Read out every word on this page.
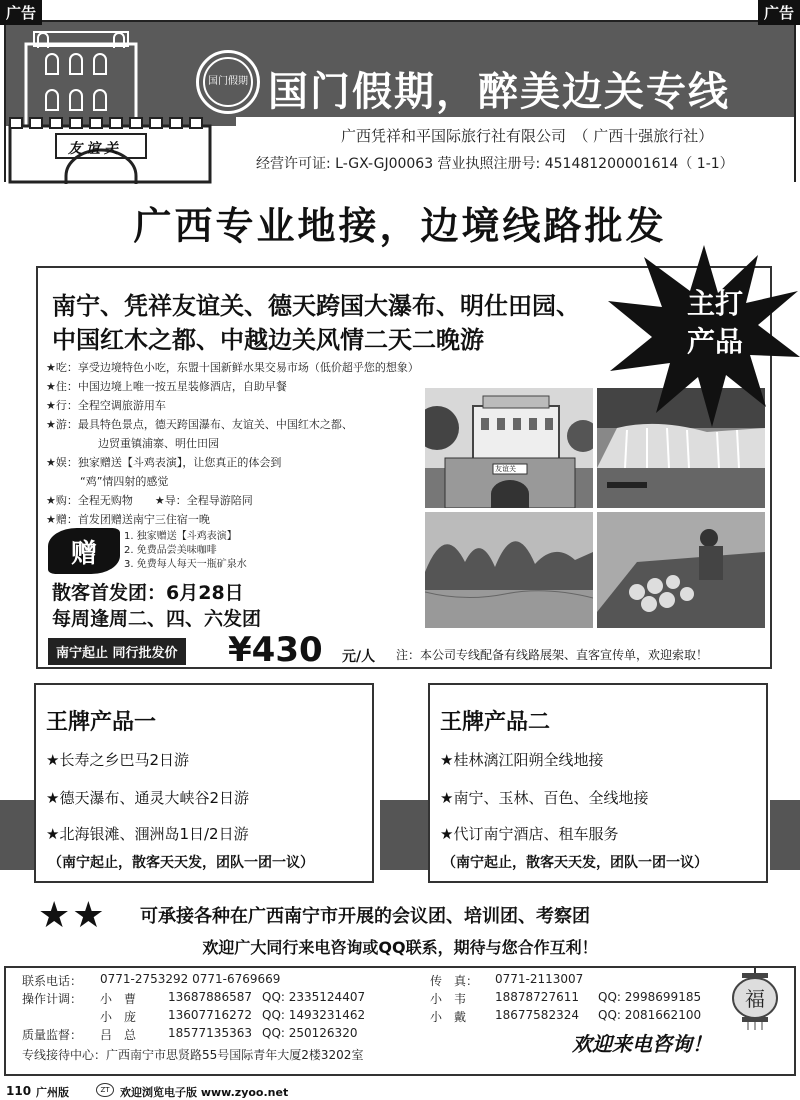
广告	广告
友谊关
国门假期 国门假期，醉美边关专线
广西凭祥和平国际旅行社有限公司　（ 广西十强旅行社）
经营许可证: L-GX-GJ00063 营业执照注册号: 451481200001614（ 1-1）
广西专业地接，边境线路批发
南宁、凭祥友谊关、德天跨国大瀑布、明仕田园、
中国红木之都、中越边关风情二天二晚游
主打
产品
★吃：享受边境特色小吃，东盟十国新鲜水果交易市场（低价超乎您的想象）
★住：中国边境上唯一按五星装修酒店，自助早餐
★行：全程空调旅游用车
★游：最具特色景点，德天跨国瀑布、友谊关、中国红木之都、
边贸重镇浦寨、明仕田园
★娱：独家赠送【斗鸡表演】，让您真正的体会到
“鸡”情四射的感觉
★购：全程无购物　　★导：全程导游陪同
★赠：首发团赠送南宁三住宿一晚
友谊关
赠
1. 独家赠送【斗鸡表演】
2. 免费品尝美味咖啡
3. 免费每人每天一瓶矿泉水
散客首发团：6月28日
每周逢周二、四、六发团
南宁起止 同行批发价 ¥430 元/人 注：本公司专线配备有线路展架、直客宣传单，欢迎索取！
王牌产品一
★长寿之乡巴马2日游
★德天瀑布、通灵大峡谷2日游
★北海银滩、涠洲岛1日/2日游
（南宁起止，散客天天发，团队一团一议）
王牌产品二
★桂林漓江阳朔全线地接
★南宁、玉林、百色、全线地接
★代订南宁酒店、租车服务
（南宁起止，散客天天发，团队一团一议）
★★ 可承接各种在广西南宁市开展的会议团、培训团、考察团
欢迎广大同行来电咨询或QQ联系，期待与您合作互利！
联系电话： 0771-2753292 0771-6769669	传　真： 0771-2113007
操作计调： 小　曹	13687886587 QQ: 2335124407
小　庞	13607716272 QQ: 1493231462
质量监督： 吕　总	18577135363 QQ: 250126320
小　韦 18878727611 QQ: 2998699185
小　戴 18677582324 QQ: 2081662100
专线接待中心：广西南宁市思贤路55号国际青年大厦2楼3202室	欢迎来电咨询！
福
110 广州版	ZT 欢迎浏览电子版 www.zyoo.net
